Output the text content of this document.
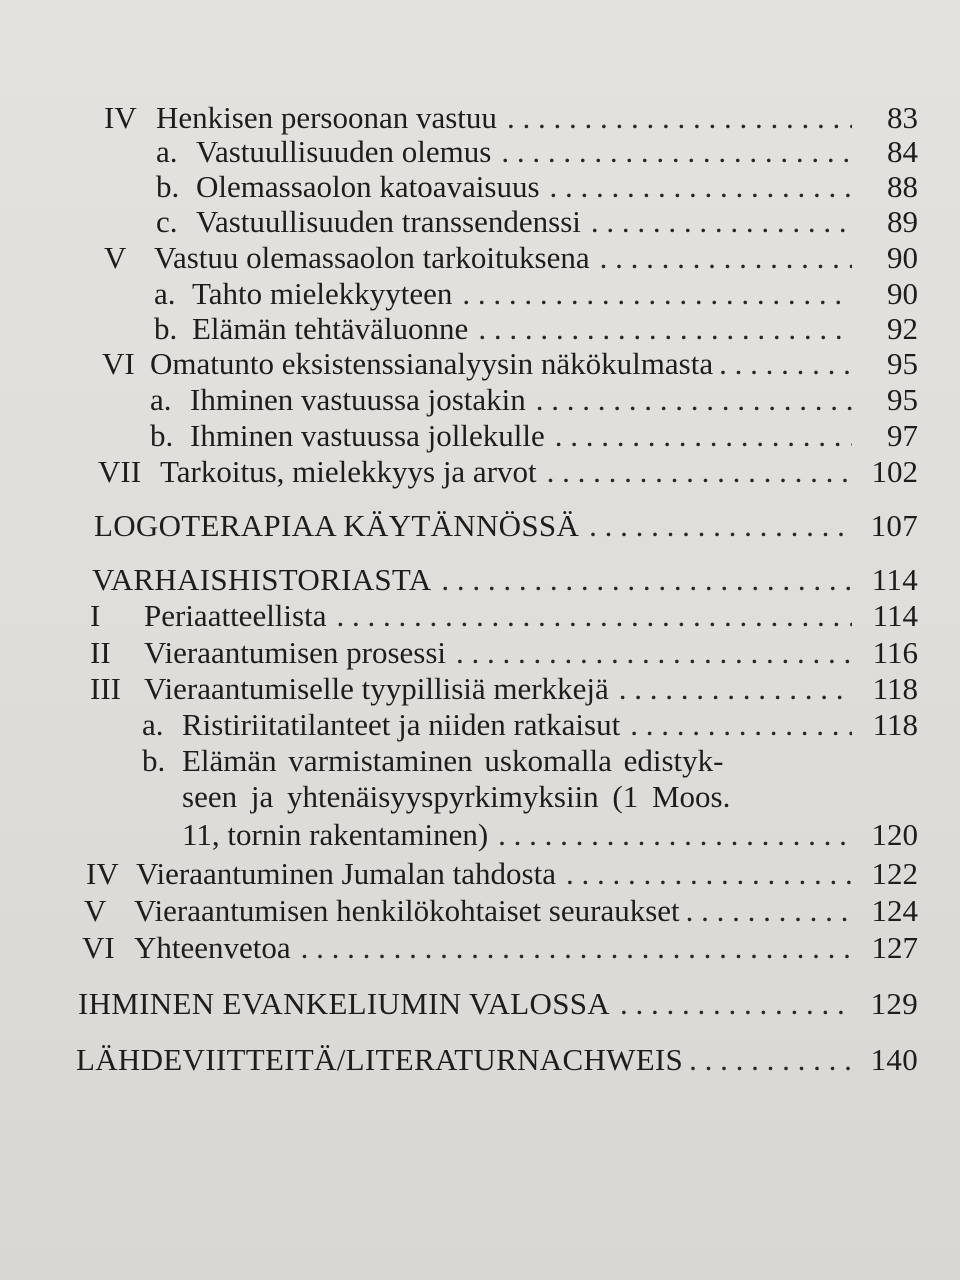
IV Henkisen persoonan vastuu . . .	83
a. Vastuullisuuden olemus . . .	84
b. Olemassaolon katoavaisuus . . .	88
c. Vastuullisuuden transsendenssi . . .	89
V Vastuu olemassaolon tarkoituksena . . .	90
a. Tahto mielekkyyteen . . .	90
b. Elämän tehtäväluonne . . .	92
VI Omatunto eksistenssianalyysin näkökulmasta . . .	95
a. Ihminen vastuussa jostakin . . .	95
b. Ihminen vastuussa jollekulle . . .	97
VII Tarkoitus, mielekkyys ja arvot . . .	102
LOGOTERAPIAA KÄYTÄNNÖSSÄ . . .	107
VARHAISHISTORIASTA . . .	114
I	Periaatteellista . . .	114
II	Vieraantumisen prosessi . . .	116
III Vieraantumiselle tyypillisiä merkkejä . . .	118
a. Ristiriitatilanteet ja niiden ratkaisut . . .	118
b. Elämän varmistaminen uskomalla edistyk-
seen ja yhtenäisyyspyrkimyksiin (1 Moos.
11, tornin rakentaminen) . . .	120
IV Vieraantuminen Jumalan tahdosta . . .	122
V Vieraantumisen henkilökohtaiset seuraukset . . .	124
VI Yhteenvetoa . . .	127
IHMINEN EVANKELIUMIN VALOSSA . . .	129
LÄHDEVIITTEITÄ/LITERATURNACHWEIS . . .	140
